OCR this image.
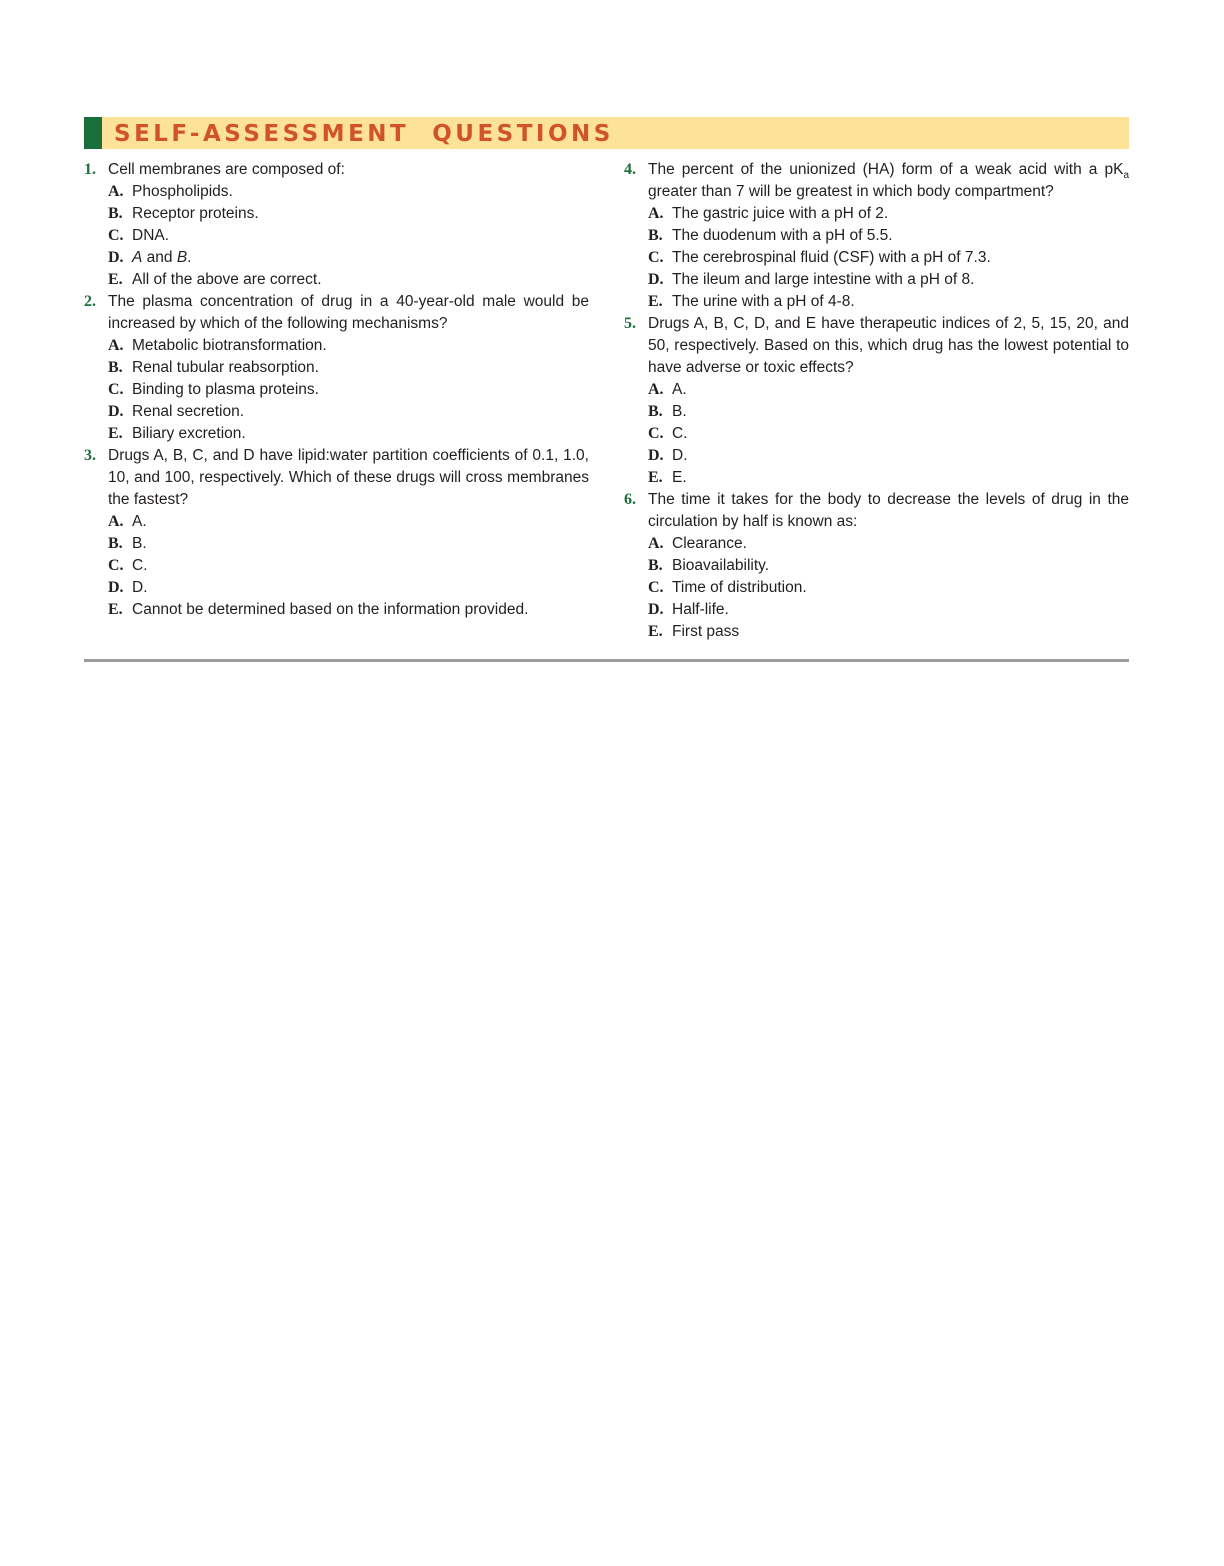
SELF-ASSESSMENT  QUESTIONS
1. Cell membranes are composed of:
A. Phospholipids.
B. Receptor proteins.
C. DNA.
D. A and B.
E. All of the above are correct.
2. The plasma concentration of drug in a 40-year-old male would be increased by which of the following mechanisms?
A. Metabolic biotransformation.
B. Renal tubular reabsorption.
C. Binding to plasma proteins.
D. Renal secretion.
E. Biliary excretion.
3. Drugs A, B, C, and D have lipid:water partition coefficients of 0.1, 1.0, 10, and 100, respectively. Which of these drugs will cross membranes the fastest?
A. A.
B. B.
C. C.
D. D.
E. Cannot be determined based on the information provided.
4. The percent of the unionized (HA) form of a weak acid with a $pK_a$ greater than 7 will be greatest in which body compartment?
A. The gastric juice with a pH of 2.
B. The duodenum with a pH of 5.5.
C. The cerebrospinal fluid (CSF) with a pH of 7.3.
D. The ileum and large intestine with a pH of 8.
E. The urine with a pH of 4-8.
5. Drugs A, B, C, D, and E have therapeutic indices of 2, 5, 15, 20, and 50, respectively. Based on this, which drug has the lowest potential to have adverse or toxic effects?
A. A.
B. B.
C. C.
D. D.
E. E.
6. The time it takes for the body to decrease the levels of drug in the circulation by half is known as:
A. Clearance.
B. Bioavailability.
C. Time of distribution.
D. Half-life.
E. First pass
